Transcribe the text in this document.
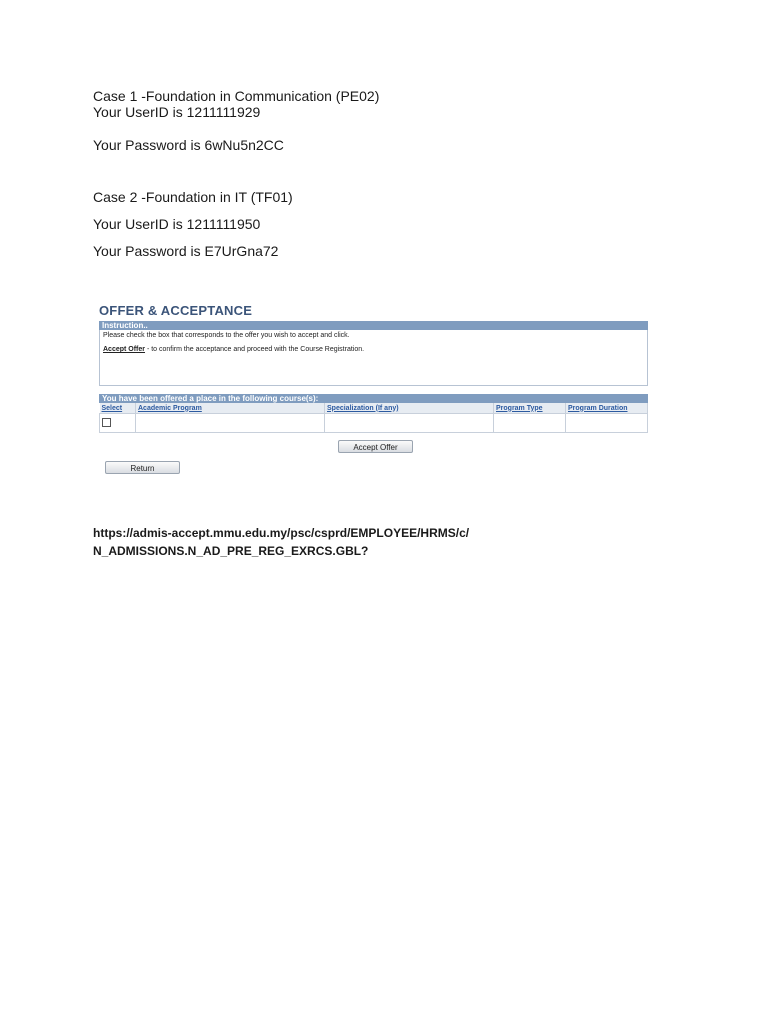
Case 1 -Foundation in Communication (PE02)
Your UserID is 1211111929
Your Password is 6wNu5n2CC
Case 2 -Foundation in IT (TF01)
Your UserID is 1211111950
Your Password is E7UrGna72
OFFER & ACCEPTANCE
Instruction..
Please check the box that corresponds to the offer you wish to accept and click.
Accept Offer - to confirm the acceptance and proceed with the Course Registration.
You have been offered a place in the following course(s):
Select	Academic Program	Specialization (If any)	Program Type	Program Duration

Accept Offer
Return
https://admis-accept.mmu.edu.my/psc/csprd/EMPLOYEE/HRMS/c/
N_ADMISSIONS.N_AD_PRE_REG_EXRCS.GBL?
